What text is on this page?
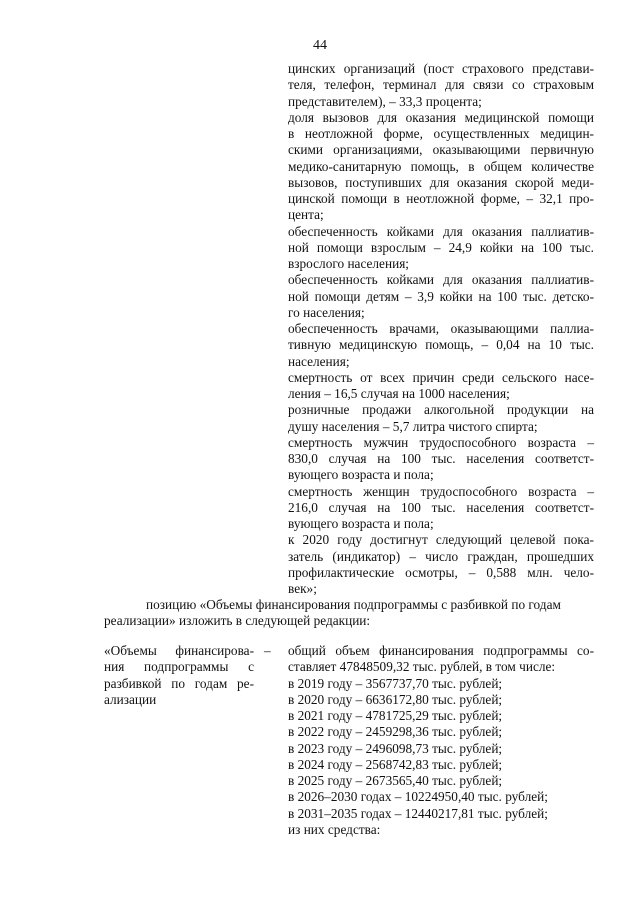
44
цинских организаций (пост страхового представи-
теля, телефон, терминал для связи со страховым
представителем), – 33,3 процента;
доля вызовов для оказания медицинской помощи
в неотложной форме, осуществленных медицин-
скими организациями, оказывающими первичную
медико-санитарную помощь, в общем количестве
вызовов, поступивших для оказания скорой меди-
цинской помощи в неотложной форме, – 32,1 про-
цента;
обеспеченность койками для оказания паллиатив-
ной помощи взрослым – 24,9 койки на 100 тыс.
взрослого населения;
обеспеченность койками для оказания паллиатив-
ной помощи детям – 3,9 койки на 100 тыс. детско-
го населения;
обеспеченность врачами, оказывающими паллиа-
тивную медицинскую помощь, – 0,04 на 10 тыс.
населения;
смертность от всех причин среди сельского насе-
ления – 16,5 случая на 1000 населения;
розничные продажи алкогольной продукции на
душу населения – 5,7 литра чистого спирта;
смертность мужчин трудоспособного возраста –
830,0 случая на 100 тыс. населения соответст-
вующего возраста и пола;
смертность женщин трудоспособного возраста –
216,0 случая на 100 тыс. населения соответст-
вующего возраста и пола;
к 2020 году достигнут следующий целевой пока-
затель (индикатор) – число граждан, прошедших
профилактические осмотры, – 0,588 млн. чело-
век»;
позицию «Объемы финансирования подпрограммы с разбивкой по годам
реализации» изложить в следующей редакции:
«Объемы финансирова-
ния подпрограммы с
разбивкой по годам ре-
ализации
–	общий объем финансирования подпрограммы со-
ставляет 47848509,32 тыс. рублей, в том числе:
в 2019 году – 3567737,70 тыс. рублей;
в 2020 году – 6636172,80 тыс. рублей;
в 2021 году – 4781725,29 тыс. рублей;
в 2022 году – 2459298,36 тыс. рублей;
в 2023 году – 2496098,73 тыс. рублей;
в 2024 году – 2568742,83 тыс. рублей;
в 2025 году – 2673565,40 тыс. рублей;
в 2026–2030 годах – 10224950,40 тыс. рублей;
в 2031–2035 годах – 12440217,81 тыс. рублей;
из них средства:
